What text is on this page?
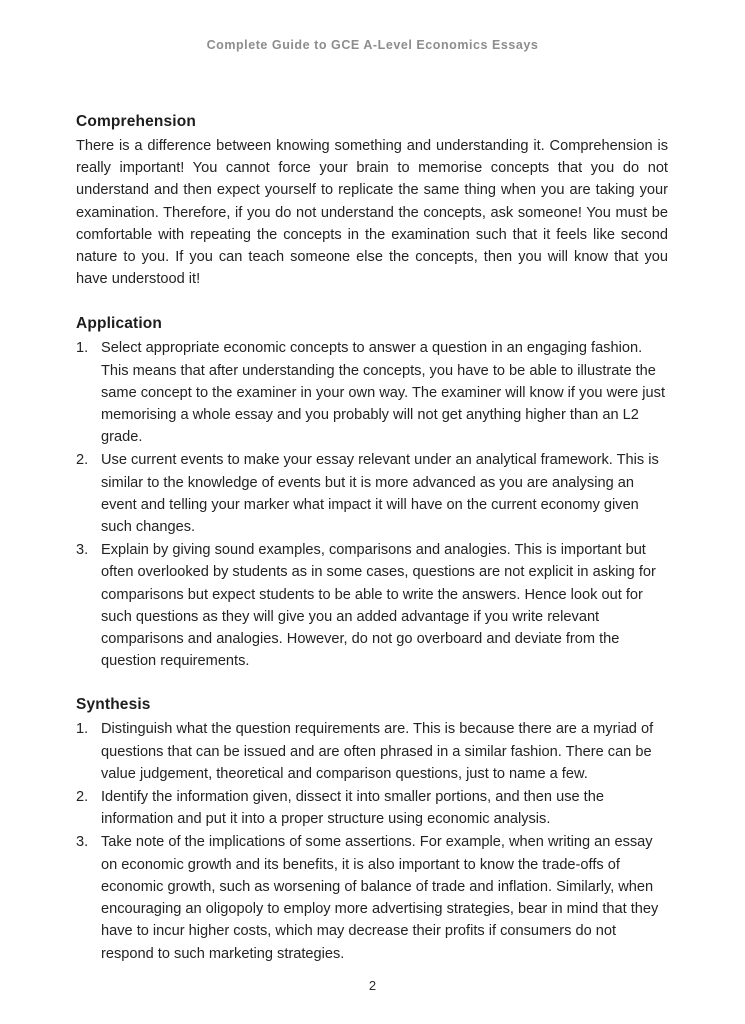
Complete Guide to GCE A-Level Economics Essays
Comprehension

There is a difference between knowing something and understanding it. Comprehension is really important! You cannot force your brain to memorise concepts that you do not understand and then expect yourself to replicate the same thing when you are taking your examination. Therefore, if you do not understand the concepts, ask someone! You must be comfortable with repeating the concepts in the examination such that it feels like second nature to you. If you can teach someone else the concepts, then you will know that you have understood it!

Application
1. Select appropriate economic concepts to answer a question in an engaging fashion. This means that after understanding the concepts, you have to be able to illustrate the same concept to the examiner in your own way. The examiner will know if you were just memorising a whole essay and you probably will not get anything higher than an L2 grade.
2. Use current events to make your essay relevant under an analytical framework. This is similar to the knowledge of events but it is more advanced as you are analysing an event and telling your marker what impact it will have on the current economy given such changes.
3. Explain by giving sound examples, comparisons and analogies. This is important but often overlooked by students as in some cases, questions are not explicit in asking for comparisons but expect students to be able to write the answers. Hence look out for such questions as they will give you an added advantage if you write relevant comparisons and analogies. However, do not go overboard and deviate from the question requirements.
Synthesis
1. Distinguish what the question requirements are. This is because there are a myriad of questions that can be issued and are often phrased in a similar fashion. There can be value judgement, theoretical and comparison questions, just to name a few.
2. Identify the information given, dissect it into smaller portions, and then use the information and put it into a proper structure using economic analysis.
3. Take note of the implications of some assertions. For example, when writing an essay on economic growth and its benefits, it is also important to know the trade-offs of economic growth, such as worsening of balance of trade and inflation. Similarly, when encouraging an oligopoly to employ more advertising strategies, bear in mind that they have to incur higher costs, which may decrease their profits if consumers do not respond to such marketing strategies.
2
